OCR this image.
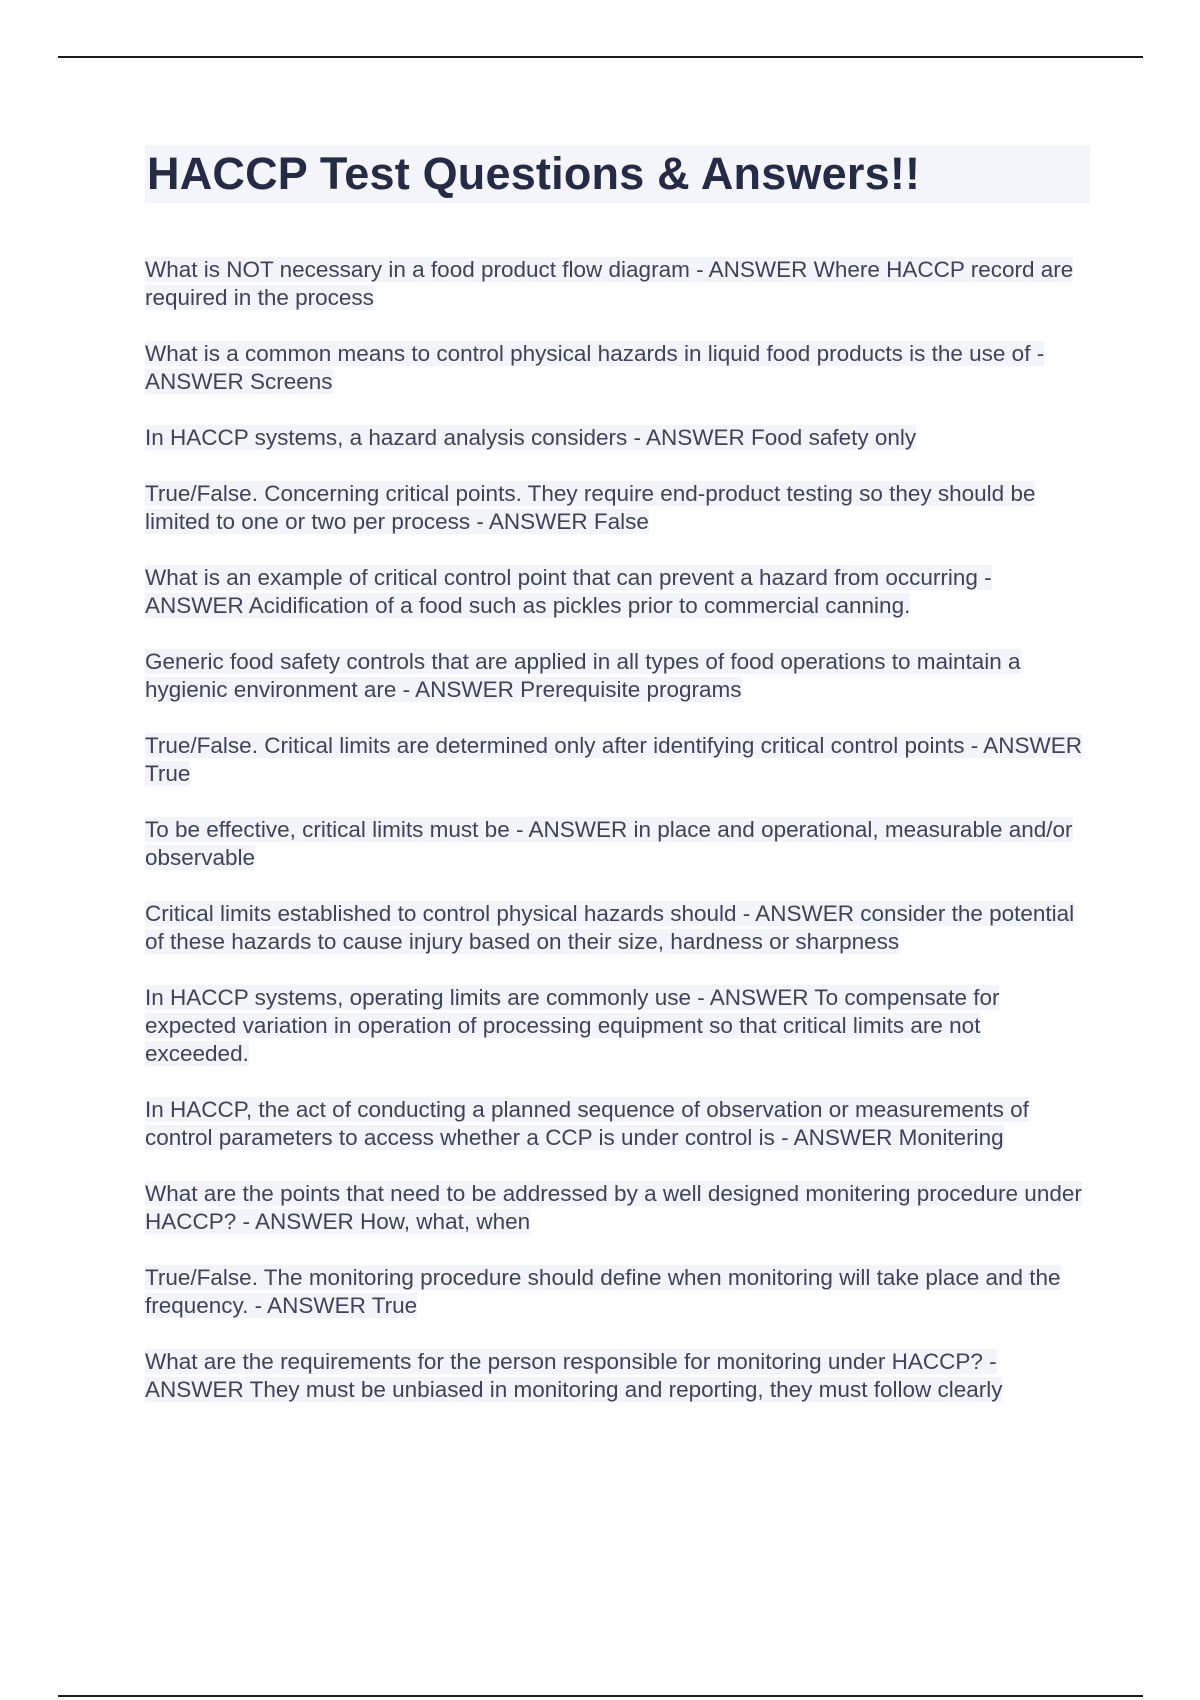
HACCP Test Questions & Answers!!

What is NOT necessary in a food product flow diagram - ANSWER Where HACCP record are required in the process

What is a common means to control physical hazards in liquid food products is the use of - ANSWER Screens

In HACCP systems, a hazard analysis considers - ANSWER Food safety only

True/False. Concerning critical points. They require end-product testing so they should be limited to one or two per process - ANSWER False

What is an example of critical control point that can prevent a hazard from occurring - ANSWER Acidification of a food such as pickles prior to commercial canning.

Generic food safety controls that are applied in all types of food operations to maintain a hygienic environment are - ANSWER Prerequisite programs

True/False. Critical limits are determined only after identifying critical control points - ANSWER True

To be effective, critical limits must be - ANSWER in place and operational, measurable and/or observable

Critical limits established to control physical hazards should - ANSWER consider the potential of these hazards to cause injury based on their size, hardness or sharpness

In HACCP systems, operating limits are commonly use - ANSWER To compensate for expected variation in operation of processing equipment so that critical limits are not exceeded.

In HACCP, the act of conducting a planned sequence of observation or measurements of control parameters to access whether a CCP is under control is - ANSWER Monitering

What are the points that need to be addressed by a well designed monitering procedure under HACCP? - ANSWER How, what, when

True/False. The monitoring procedure should define when monitoring will take place and the frequency. - ANSWER True

What are the requirements for the person responsible for monitoring under HACCP? - ANSWER They must be unbiased in monitoring and reporting, they must follow clearly
